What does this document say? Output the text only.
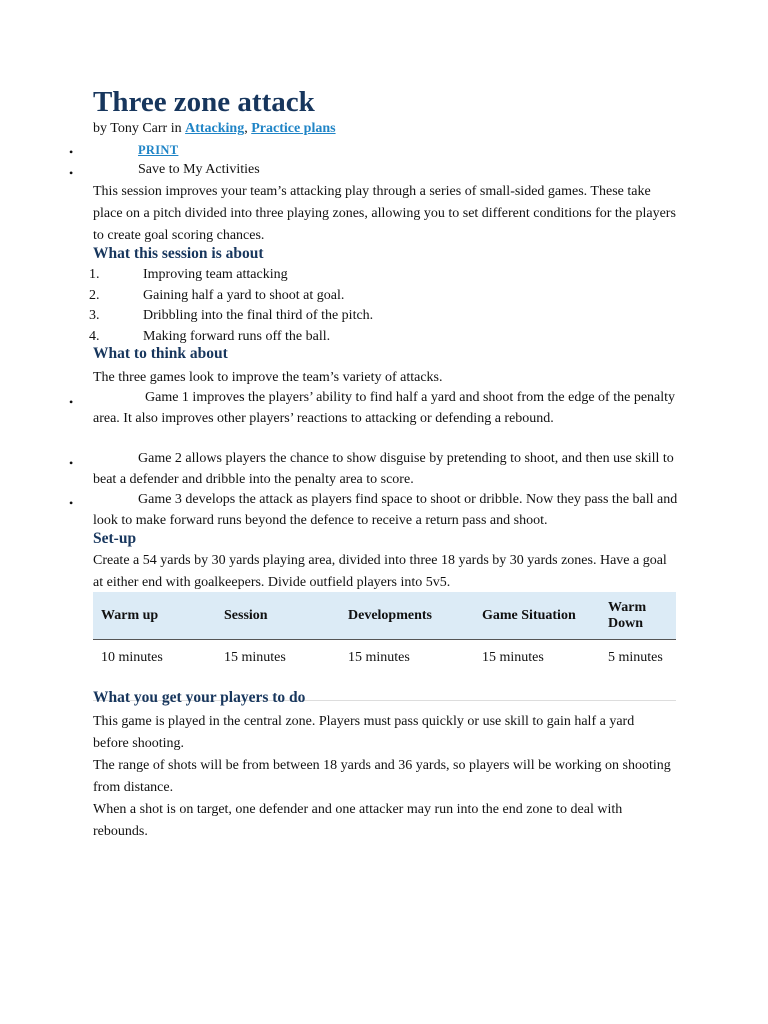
Three zone attack
by Tony Carr in Attacking, Practice plans
•	PRINT
•	Save to My Activities

This session improves your team’s attacking play through a series of small-sided games. These take place on a pitch divided into three playing zones, allowing you to set different conditions for the players to create goal scoring chances.

What this session is about
1.	Improving team attacking
2.	Gaining half a yard to shoot at goal.
3.	Dribbling into the final third of the pitch.
4.	Making forward runs off the ball.
What to think about
The three games look to improve the team’s variety of attacks.
•	Game 1 improves the players’ ability to find half a yard and shoot from the edge of the penalty area. It also improves other players’ reactions to attacking or defending a rebound.

•	Game 2 allows players the chance to show disguise by pretending to shoot, and then use skill to beat a defender and dribble into the penalty area to score.

•	Game 3 develops the attack as players find space to shoot or dribble. Now they pass the ball and look to make forward runs beyond the defence to receive a return pass and shoot.

Set-up

Create a 54 yards by 30 yards playing area, divided into three 18 yards by 30 yards zones. Have a goal at either end with goalkeepers. Divide outfield players into 5v5.

Warm up	Session	Developments	Game Situation	Warm Down
10 minutes	15 minutes	15 minutes	15 minutes	5 minutes
What you get your players to do

This game is played in the central zone. Players must pass quickly or use skill to gain half a yard before shooting.

The range of shots will be from between 18 yards and 36 yards, so players will be working on shooting from distance.

When a shot is on target, one defender and one attacker may run into the end zone to deal with rebounds.
